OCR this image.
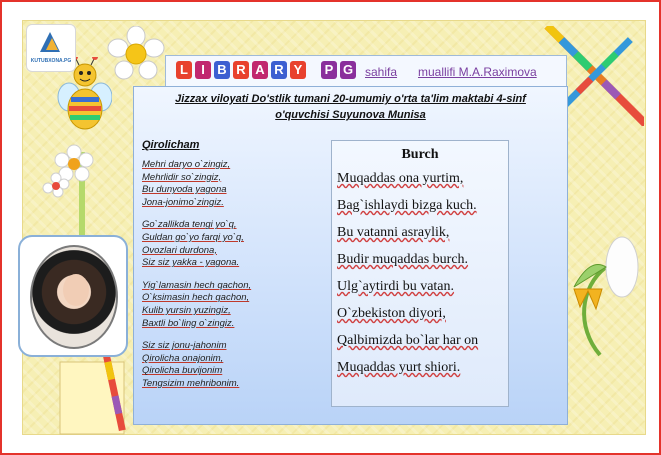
KUTUBXONA.PG
L	I B R A R Y P G sahifa muallifi M.A.Raximova
Jizzax viloyati Do'stlik tumani 20-umumiy o'rta ta'lim maktabi 4-sinf
o'quvchisi Suyunova Munisa
Qirolicham
Mehri daryo o`zingiz,
Mehrlidir so`zingiz,
Bu dunyoda yagona
Jona-jonimo`zingiz.
Go`zallikda tengi yo`q,
Guldan go`yo farqi yo`q,
Ovozlari durdona,
Siz siz yakka - yagona.
Yig`lamasin hech qachon,
O`ksimasin hech qachon,
Kulib yursin yuzingiz,
Baxtli bo`ling o`zingiz.
Siz siz jonu-jahonim
Qirolicha onajonim,
Qirolicha buvijonim
Tengsizim mehribonim.
Burch
Muqaddas ona yurtim,
Bag`ishlaydi bizga kuch.
Bu vatanni asraylik,
Budir muqaddas burch.
Ulg`aytirdi bu vatan.
O`zbekiston diyori,
Qalbimizda bo`lar har on
Muqaddas yurt shiori.
